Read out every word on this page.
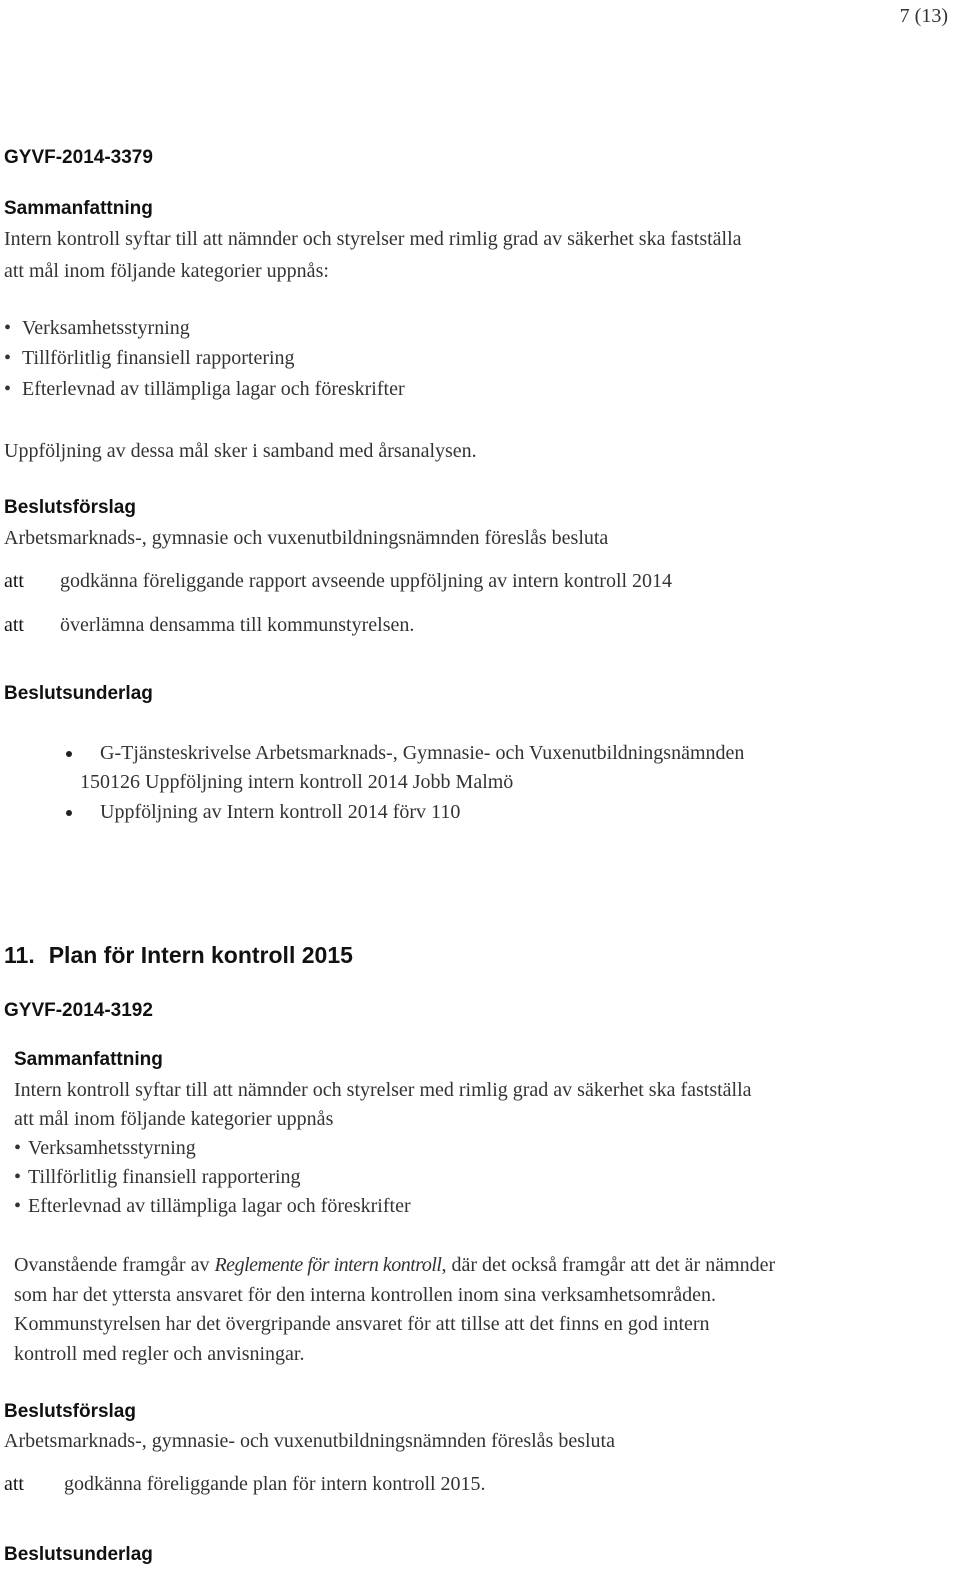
7 (13)
GYVF-2014-3379
Sammanfattning
Intern kontroll syftar till att nämnder och styrelser med rimlig grad av säkerhet ska fastställa
att mål inom följande kategorier uppnås:
• Verksamhetsstyrning
• Tillförlitlig finansiell rapportering
• Efterlevnad av tillämpliga lagar och föreskrifter
Uppföljning av dessa mål sker i samband med årsanalysen.
Beslutsförslag
Arbetsmarknads-, gymnasie och vuxenutbildningsnämnden föreslås besluta
att godkänna föreliggande rapport avseende uppföljning av intern kontroll 2014
att överlämna densamma till kommunstyrelsen.
Beslutsunderlag
G-Tjänsteskrivelse Arbetsmarknads-, Gymnasie- och Vuxenutbildningsnämnden
150126 Uppföljning intern kontroll 2014 Jobb Malmö
Uppföljning av Intern kontroll 2014 förv 110
11. Plan för Intern kontroll 2015
GYVF-2014-3192
Sammanfattning
Intern kontroll syftar till att nämnder och styrelser med rimlig grad av säkerhet ska fastställa
att mål inom följande kategorier uppnås
• Verksamhetsstyrning
• Tillförlitlig finansiell rapportering
• Efterlevnad av tillämpliga lagar och föreskrifter
Ovanstående framgår av Reglemente för intern kontroll, där det också framgår att det är nämnder
som har det yttersta ansvaret för den interna kontrollen inom sina verksamhetsområden.
Kommunstyrelsen har det övergripande ansvaret för att tillse att det finns en god intern
kontroll med regler och anvisningar.
Beslutsförslag
Arbetsmarknads-, gymnasie- och vuxenutbildningsnämnden föreslås besluta
att godkänna föreliggande plan för intern kontroll 2015.
Beslutsunderlag
